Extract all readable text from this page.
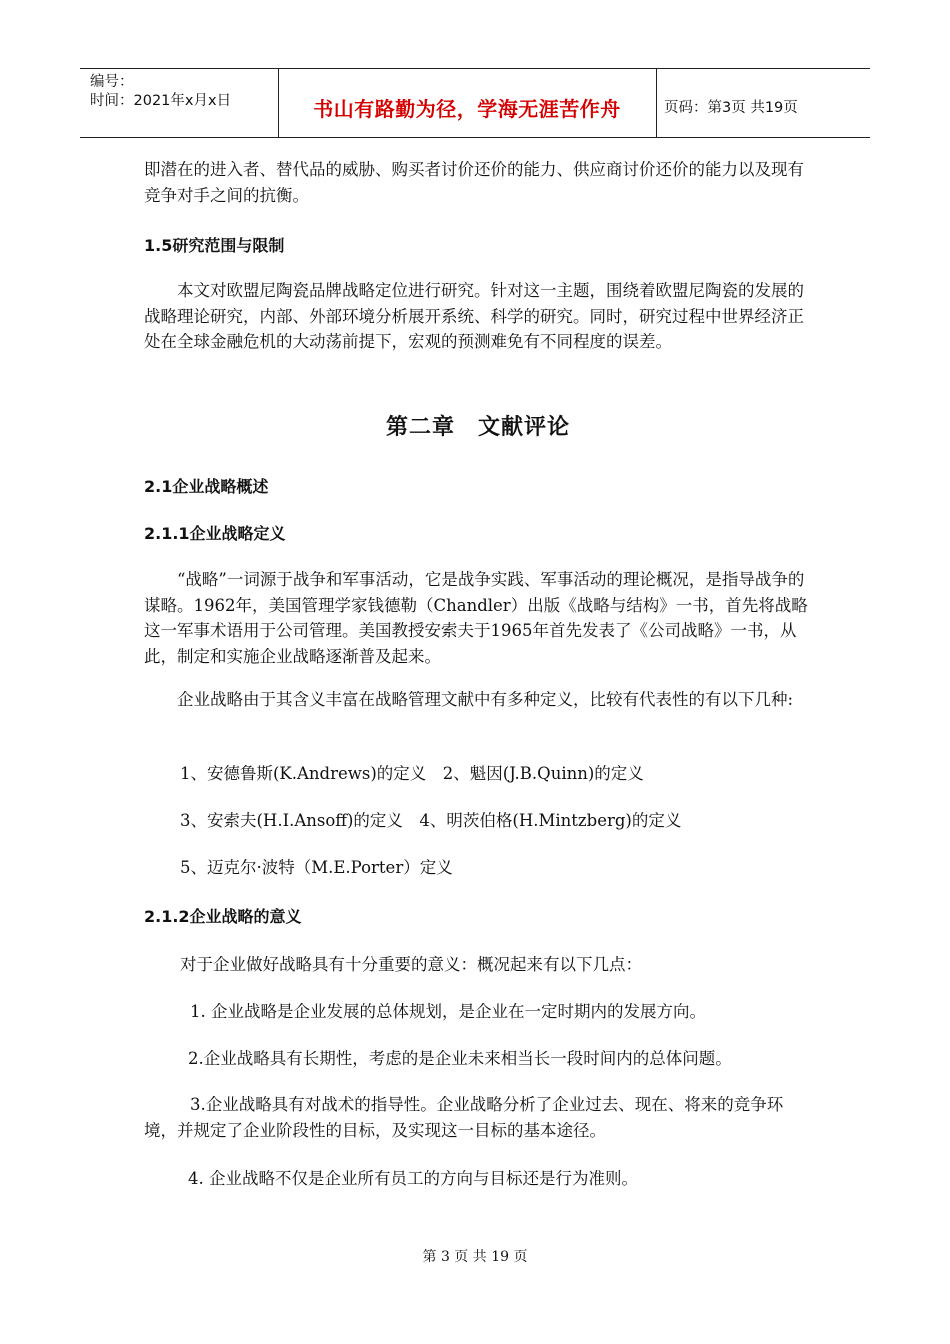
编号：
时间：2021年x月x日	书山有路勤为径，学海无涯苦作舟	页码：第3页 共19页

即潜在的进入者、替代品的威胁、购买者讨价还价的能力、供应商讨价还价的能力以及现有竞争对手之间的抗衡。

1.5研究范围与限制

本文对欧盟尼陶瓷品牌战略定位进行研究。针对这一主题，围绕着欧盟尼陶瓷的发展的战略理论研究，内部、外部环境分析展开系统、科学的研究。同时，研究过程中世界经济正处在全球金融危机的大动荡前提下，宏观的预测难免有不同程度的误差。

第二章　文献评论

2.1企业战略概述

2.1.1企业战略定义

“战略”一词源于战争和军事活动，它是战争实践、军事活动的理论概况，是指导战争的谋略。1962年，美国管理学家钱德勒（Chandler）出版《战略与结构》一书，首先将战略这一军事术语用于公司管理。美国教授安索夫于1965年首先发表了《公司战略》一书，从此，制定和实施企业战略逐渐普及起来。

企业战略由于其含义丰富在战略管理文献中有多种定义，比较有代表性的有以下几种:

1、安德鲁斯(K.Andrews)的定义　2、魁因(J.B.Quinn)的定义

3、安索夫(H.I.Ansoff)的定义　4、明茨伯格(H.Mintzberg)的定义

5、迈克尔·波特（M.E.Porter）定义

2.1.2企业战略的意义

对于企业做好战略具有十分重要的意义：概况起来有以下几点：

1. 企业战略是企业发展的总体规划，是企业在一定时期内的发展方向。

2.企业战略具有长期性，考虑的是企业未来相当长一段时间内的总体问题。

3.企业战略具有对战术的指导性。企业战略分析了企业过去、现在、将来的竞争环境，并规定了企业阶段性的目标，及实现这一目标的基本途径。

4. 企业战略不仅是企业所有员工的方向与目标还是行为准则。

第 3 页 共 19 页
